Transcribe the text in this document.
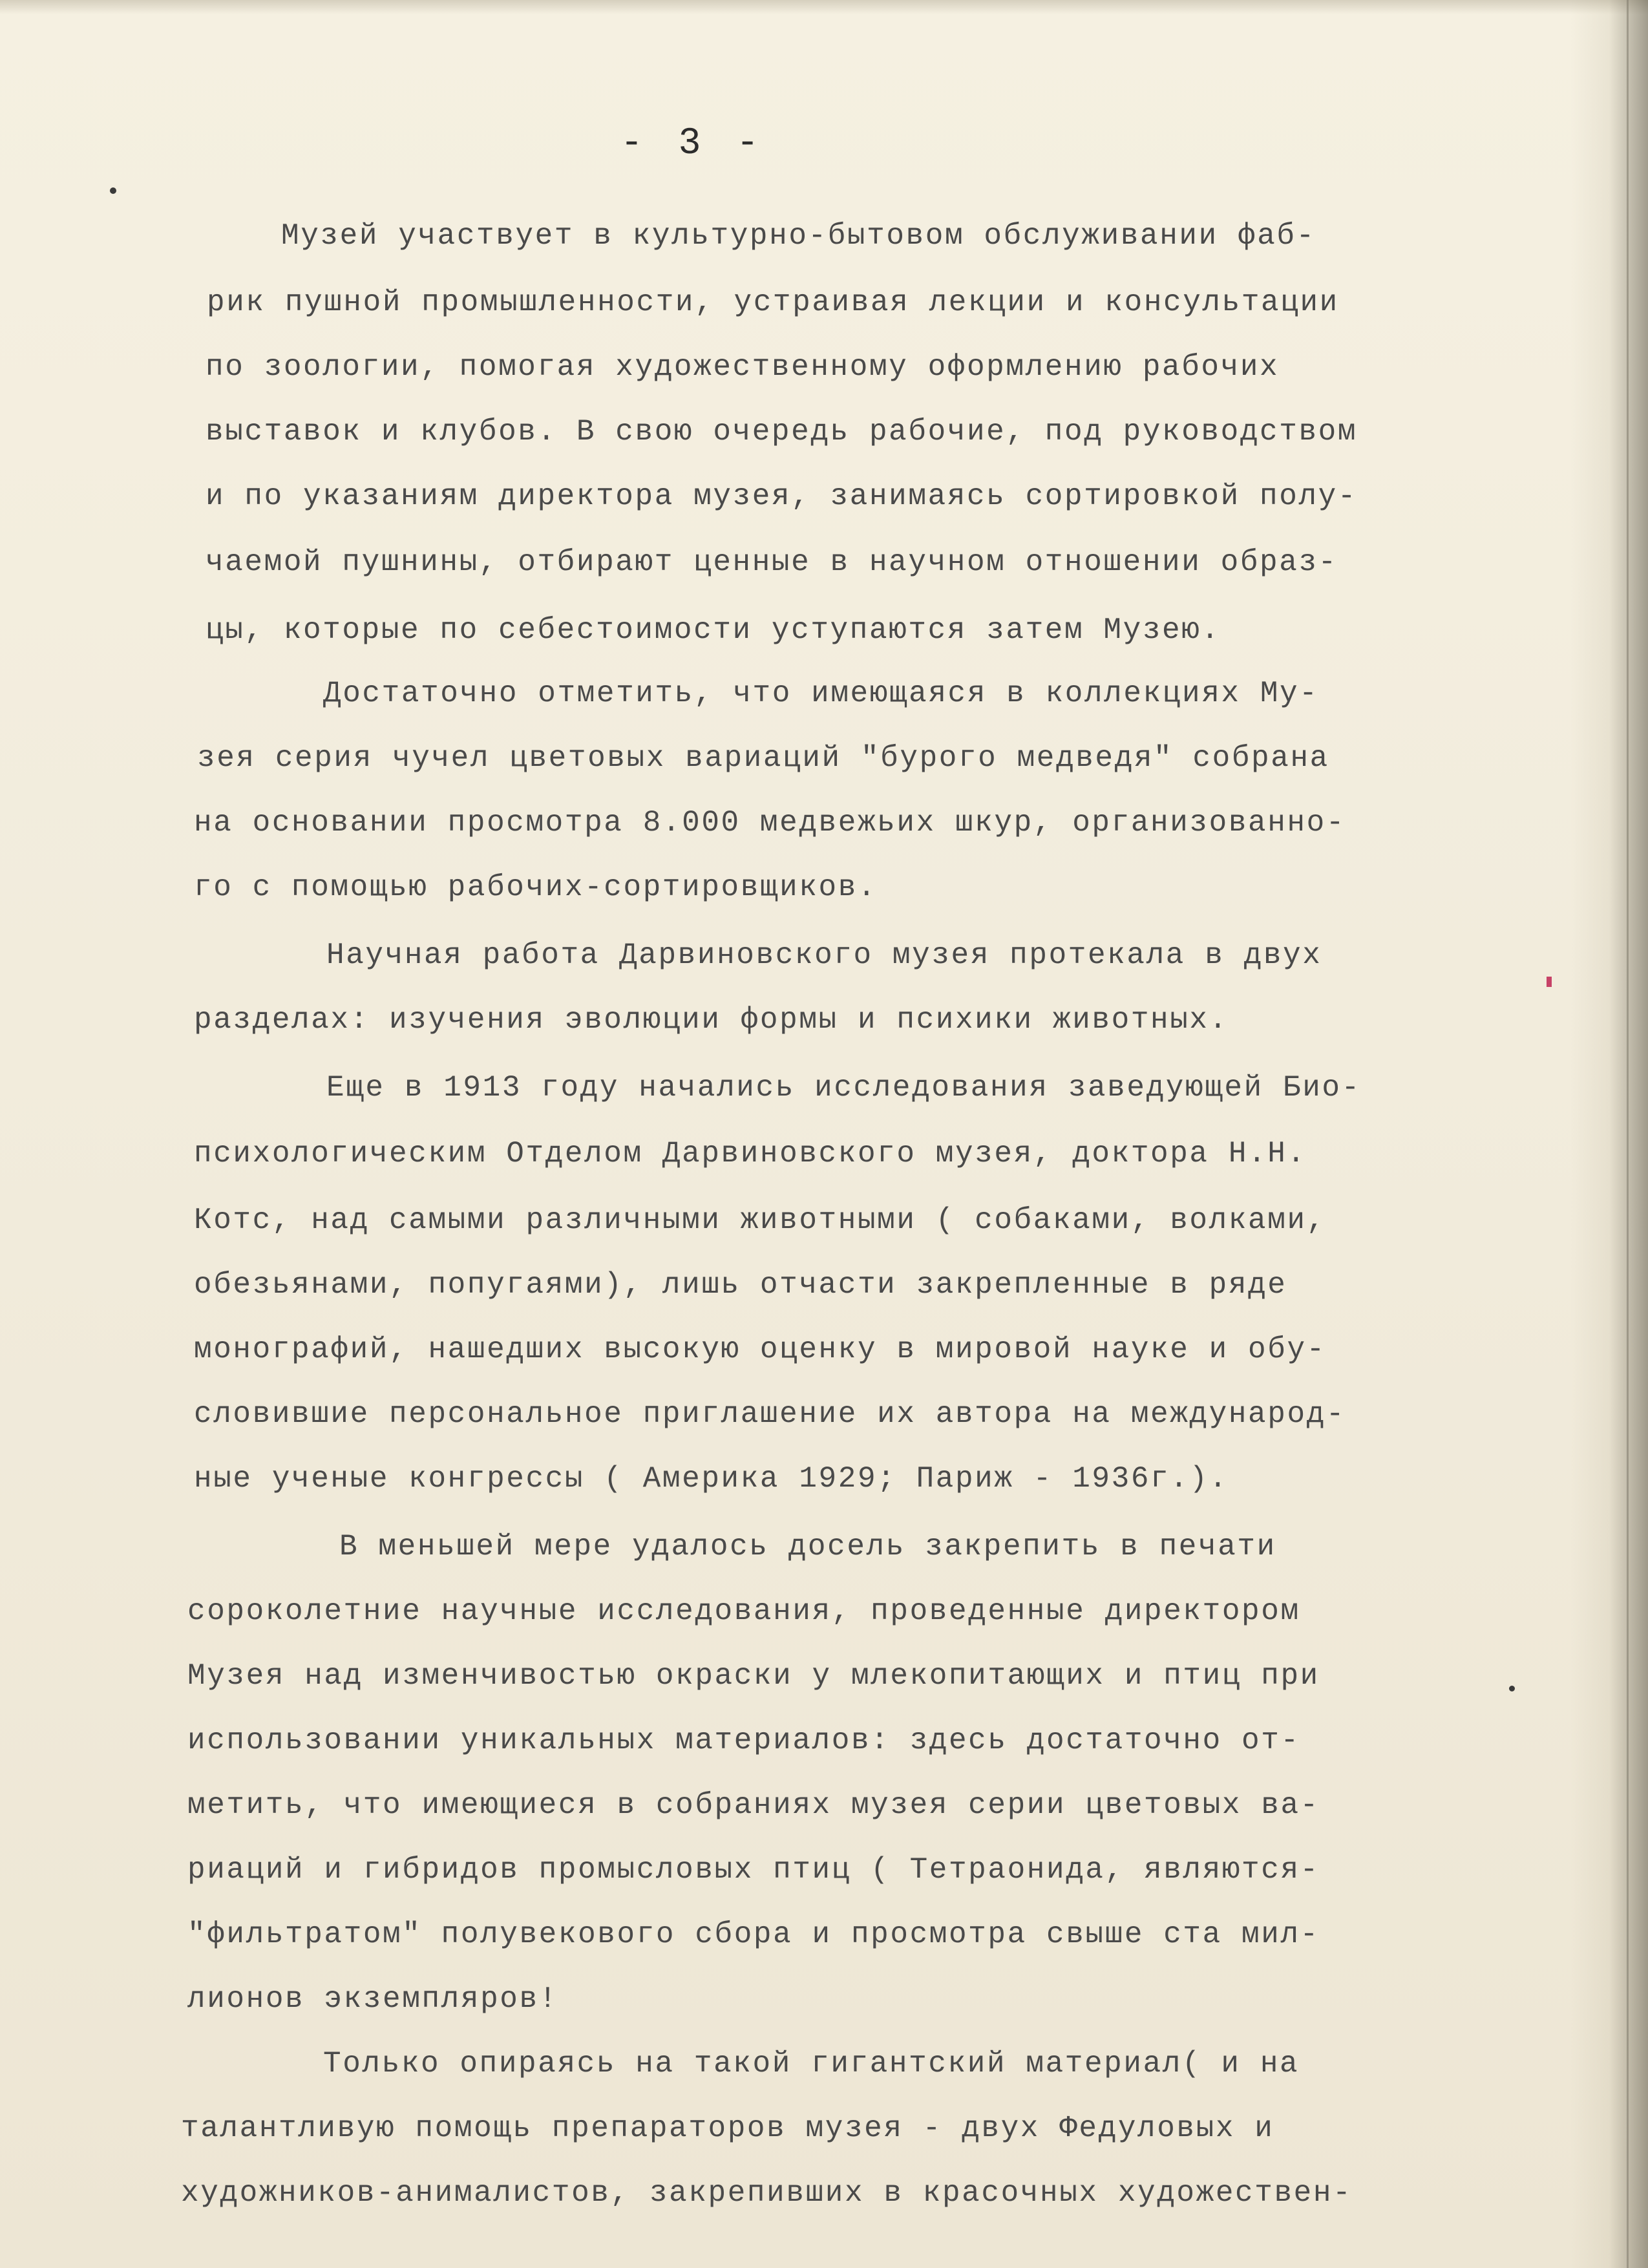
- 3 -
Музей участвует в культурно-бытовом обслуживании фаб-
рик пушной промышленности, устраивая лекции и консультации
по зоологии, помогая художественному оформлению рабочих
выставок и клубов. В свою очередь рабочие, под руководством
и по указаниям директора музея, занимаясь сортировкой полу-
чаемой пушнины, отбирают ценные в научном отношении образ-
цы, которые по себестоимости уступаются затем Музею.
Достаточно отметить, что имеющаяся в коллекциях Му-
зея серия чучел цветовых вариаций "бурого медведя" собрана
на основании просмотра 8.000 медвежьих шкур, организованно-
го с помощью рабочих-сортировщиков.
Научная работа Дарвиновского музея протекала в двух
разделах: изучения эволюции формы и психики животных.
Еще в 1913 году начались исследования заведующей Био-
психологическим Отделом Дарвиновского музея, доктора Н.Н.
Котс, над самыми различными животными ( собаками, волками,
обезьянами, попугаями), лишь отчасти закрепленные в ряде
монографий, нашедших высокую оценку в мировой науке и обу-
словившие персональное приглашение их автора на международ-
ные ученые конгрессы ( Америка 1929; Париж - 1936г.).
В меньшей мере удалось досель закрепить в печати
сороколетние научные исследования, проведенные директором
Музея над изменчивостью окраски у млекопитающих и птиц при
использовании уникальных материалов: здесь достаточно от-
метить, что имеющиеся в собраниях музея серии цветовых ва-
риаций и гибридов промысловых птиц ( Тетраонида, являются-
"фильтратом" полувекового сбора и просмотра свыше ста мил-
лионов экземпляров!
Только опираясь на такой гигантский материал( и на
талантливую помощь препараторов музея - двух Федуловых и
художников-анималистов, закрепивших в красочных художествен-
